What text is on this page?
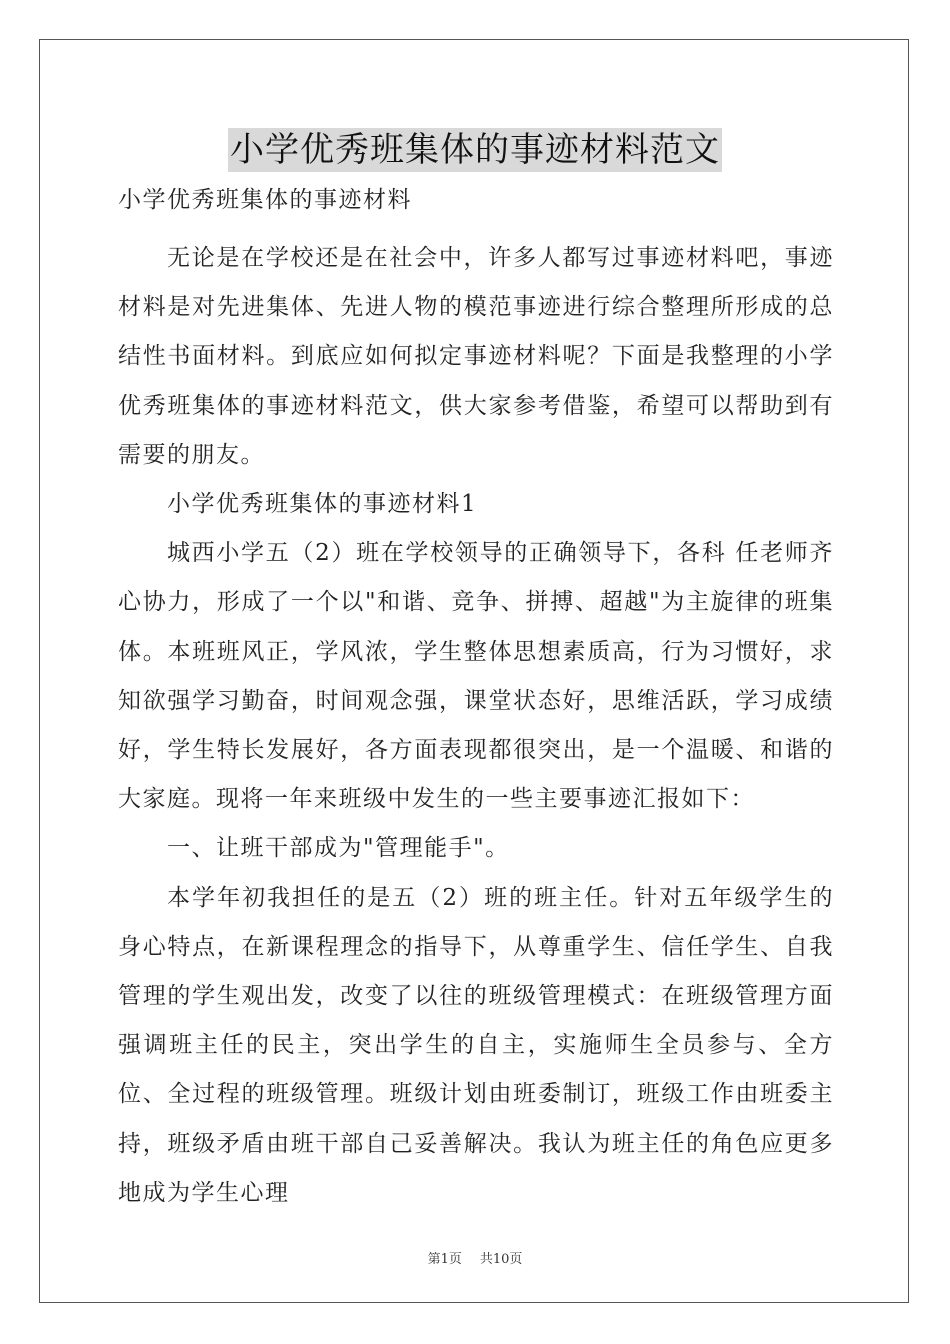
小学优秀班集体的事迹材料范文

小学优秀班集体的事迹材料

无论是在学校还是在社会中，许多人都写过事迹材料吧，事迹材料是对先进集体、先进人物的模范事迹进行综合整理所形成的总结性书面材料。到底应如何拟定事迹材料呢？下面是我整理的小学优秀班集体的事迹材料范文，供大家参考借鉴，希望可以帮助到有需要的朋友。

小学优秀班集体的事迹材料1

城西小学五（2）班在学校领导的正确领导下，各科 任老师齐心协力，形成了一个以"和谐、竞争、拼搏、超越"为主旋律的班集体。本班班风正，学风浓，学生整体思想素质高，行为习惯好，求知欲强学习勤奋，时间观念强，课堂状态好，思维活跃，学习成绩好，学生特长发展好，各方面表现都很突出，是一个温暖、和谐的大家庭。现将一年来班级中发生的一些主要事迹汇报如下：

一、让班干部成为"管理能手"。

本学年初我担任的是五（2）班的班主任。针对五年级学生的身心特点，在新课程理念的指导下，从尊重学生、信任学生、自我管理的学生观出发，改变了以往的班级管理模式：在班级管理方面强调班主任的民主，突出学生的自主，实施师生全员参与、全方位、全过程的班级管理。班级计划由班委制订，班级工作由班委主持，班级矛盾由班干部自己妥善解决。我认为班主任的角色应更多地成为学生心理

第1页 共10页
